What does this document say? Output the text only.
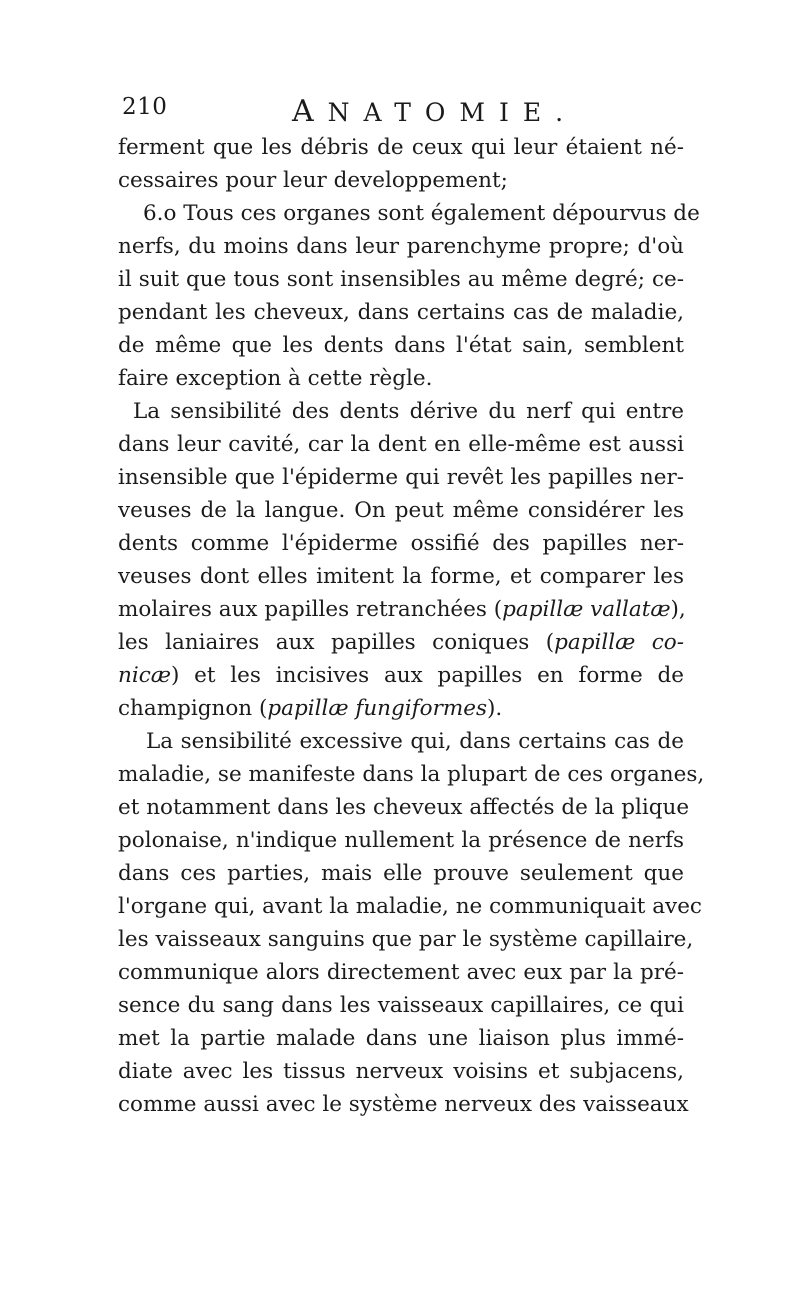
210	ANATOMIE.
ferment que les débris de ceux qui leur étaient né-
cessaires pour leur developpement;
6.o Tous ces organes sont également dépourvus de
nerfs, du moins dans leur parenchyme propre; d'où
il suit que tous sont insensibles au même degré; ce-
pendant les cheveux, dans certains cas de maladie,
de même que les dents dans l'état sain, semblent
faire exception à cette règle.
La sensibilité des dents dérive du nerf qui entre
dans leur cavité, car la dent en elle-même est aussi
insensible que l'épiderme qui revêt les papilles ner-
veuses de la langue. On peut même considérer les
dents comme l'épiderme ossifié des papilles ner-
veuses dont elles imitent la forme, et comparer les
molaires aux papilles retranchées (papillæ vallatæ),
les laniaires aux papilles coniques (papillæ co-
nicæ) et les incisives aux papilles en forme de
champignon (papillæ fungiformes).
La sensibilité excessive qui, dans certains cas de
maladie, se manifeste dans la plupart de ces organes,
et notamment dans les cheveux affectés de la plique
polonaise, n'indique nullement la présence de nerfs
dans ces parties, mais elle prouve seulement que
l'organe qui, avant la maladie, ne communiquait avec
les vaisseaux sanguins que par le système capillaire,
communique alors directement avec eux par la pré-
sence du sang dans les vaisseaux capillaires, ce qui
met la partie malade dans une liaison plus immé-
diate avec les tissus nerveux voisins et subjacens,
comme aussi avec le système nerveux des vaisseaux
